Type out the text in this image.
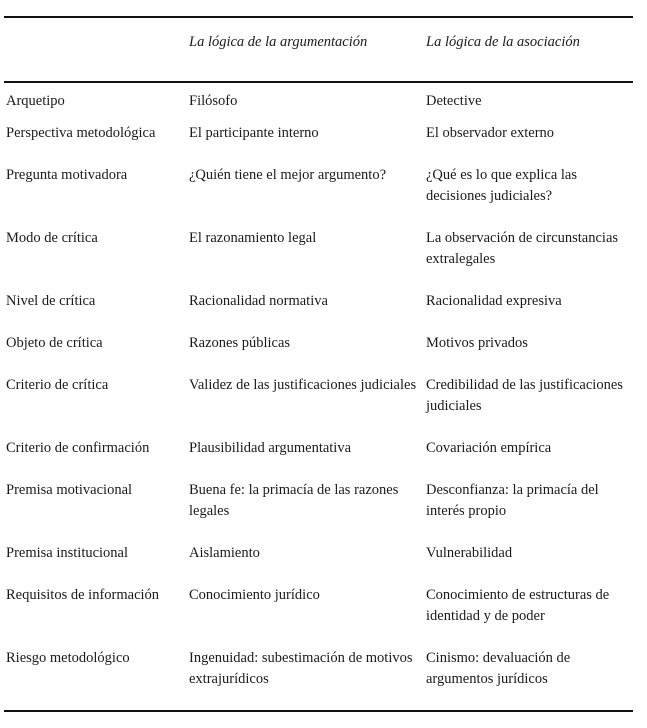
	La lógica de la argumentación	La lógica de la asociación

Arquetipo	Filósofo	Detective

Perspectiva metodológica	El participante interno	El observador externo

Pregunta motivadora	¿Quién tiene el mejor argumento?	¿Qué es lo que explica las decisiones judiciales?

Modo de crítica	El razonamiento legal	La observación de circunstancias extralegales

Nivel de crítica	Racionalidad normativa	Racionalidad expresiva

Objeto de crítica	Razones públicas	Motivos privados

Criterio de crítica	Validez de las justificaciones judiciales	Credibilidad de las justificaciones judiciales

Criterio de confirmación	Plausibilidad argumentativa	Covariación empírica

Premisa motivacional	Buena fe: la primacía de las razones legales	Desconfianza: la primacía del interés propio

Premisa institucional	Aislamiento	Vulnerabilidad

Requisitos de información	Conocimiento jurídico	Conocimiento de estructuras de identidad y de poder

Riesgo metodológico	Ingenuidad: subestimación de motivos extrajurídicos	Cinismo: devaluación de argumentos jurídicos
